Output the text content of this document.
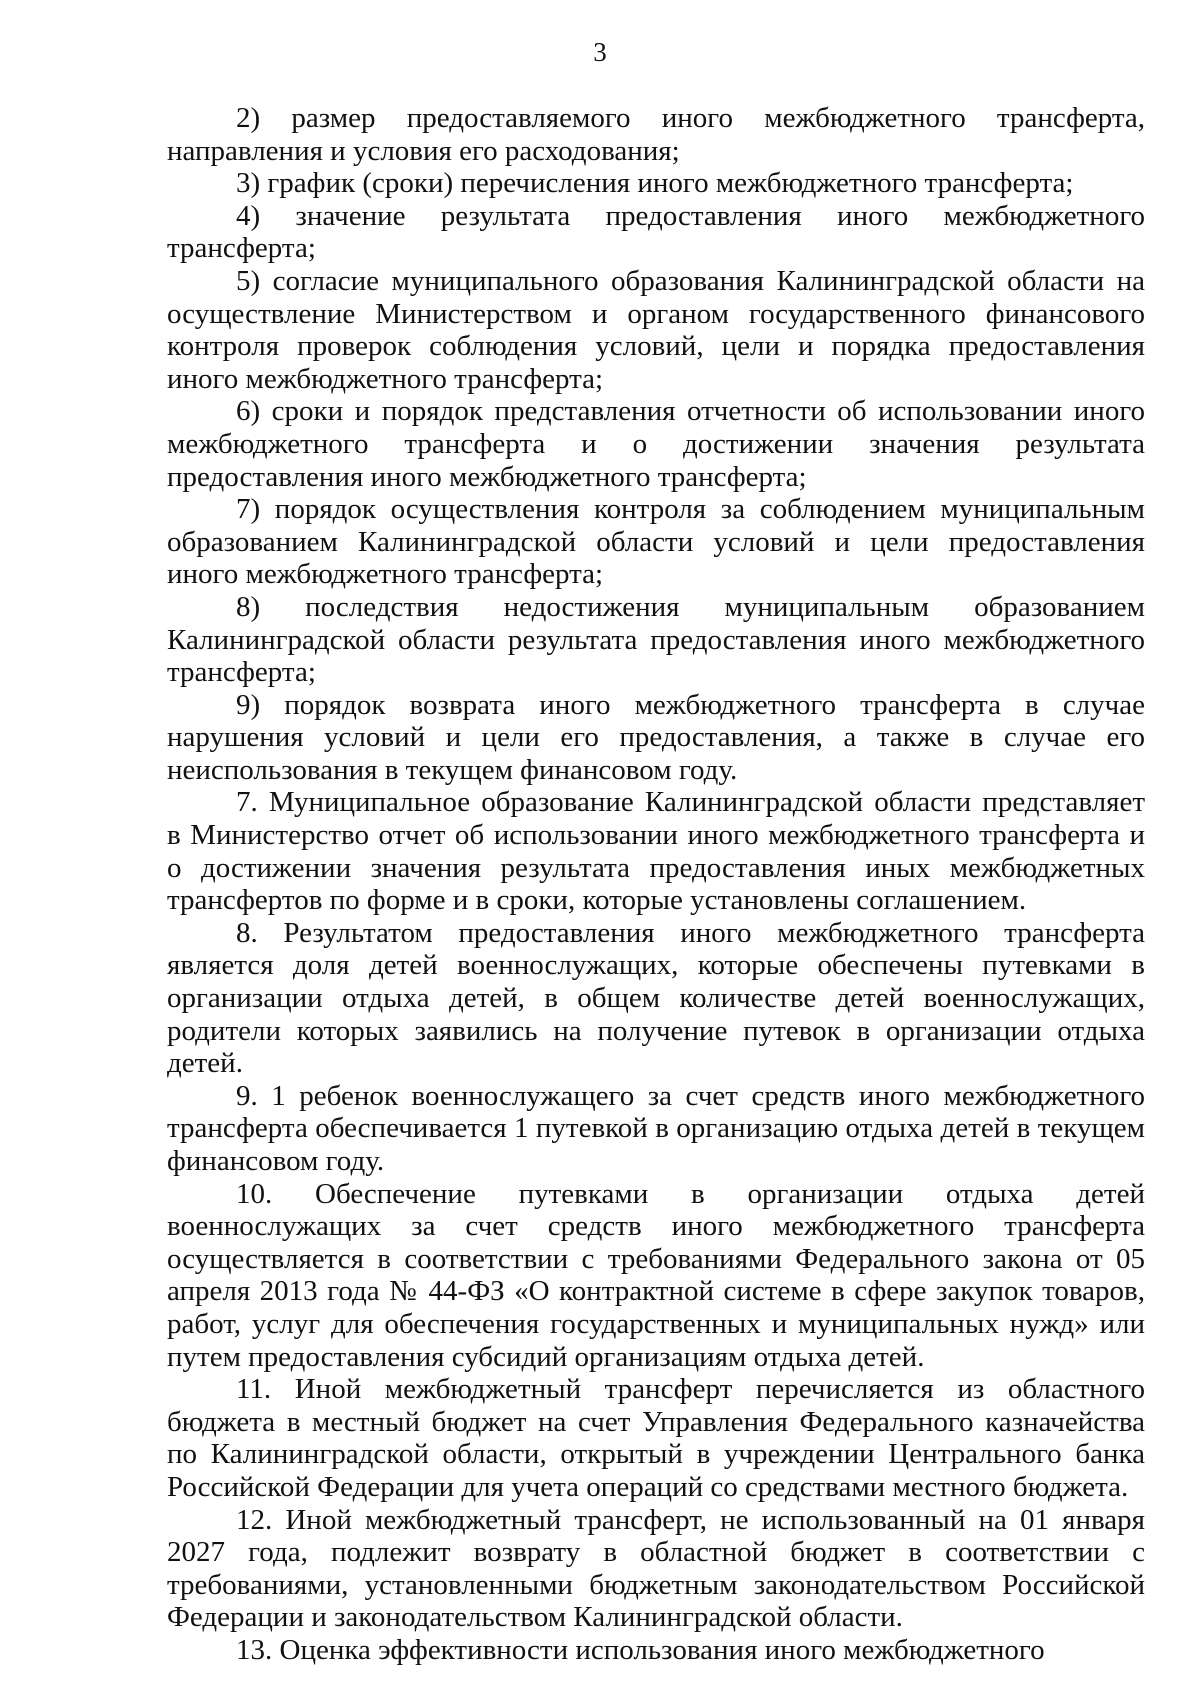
3

2) размер предоставляемого иного межбюджетного трансферта, направления и условия его расходования;

3) график (сроки) перечисления иного межбюджетного трансферта;

4) значение результата предоставления иного межбюджетного трансферта;

5) согласие муниципального образования Калининградской области на осуществление Министерством и органом государственного финансового контроля проверок соблюдения условий, цели и порядка предоставления иного межбюджетного трансферта;

6) сроки и порядок представления отчетности об использовании иного межбюджетного трансферта и о достижении значения результата предоставления иного межбюджетного трансферта;

7) порядок осуществления контроля за соблюдением муниципальным образованием Калининградской области условий и цели предоставления иного межбюджетного трансферта;

8) последствия недостижения муниципальным образованием Калининградской области результата предоставления иного межбюджетного трансферта;

9) порядок возврата иного межбюджетного трансферта в случае нарушения условий и цели его предоставления, а также в случае его неиспользования в текущем финансовом году.

7. Муниципальное образование Калининградской области представляет в Министерство отчет об использовании иного межбюджетного трансферта и о достижении значения результата предоставления иных межбюджетных трансфертов по форме и в сроки, которые установлены соглашением.

8. Результатом предоставления иного межбюджетного трансферта является доля детей военнослужащих, которые обеспечены путевками в организации отдыха детей, в общем количестве детей военнослужащих, родители которых заявились на получение путевок в организации отдыха детей.

9. 1 ребенок военнослужащего за счет средств иного межбюджетного трансферта обеспечивается 1 путевкой в организацию отдыха детей в текущем финансовом году.

10. Обеспечение путевками в организации отдыха детей военнослужащих за счет средств иного межбюджетного трансферта осуществляется в соответствии с требованиями Федерального закона от 05 апреля 2013 года № 44-ФЗ «О контрактной системе в сфере закупок товаров, работ, услуг для обеспечения государственных и муниципальных нужд» или путем предоставления субсидий организациям отдыха детей.

11. Иной межбюджетный трансферт перечисляется из областного бюджета в местный бюджет на счет Управления Федерального казначейства по Калининградской области, открытый в учреждении Центрального банка Российской Федерации для учета операций со средствами местного бюджета.

12. Иной межбюджетный трансферт, не использованный на 01 января 2027 года, подлежит возврату в областной бюджет в соответствии с требованиями, установленными бюджетным законодательством Российской Федерации и законодательством Калининградской области.

13. Оценка эффективности использования иного межбюджетного
